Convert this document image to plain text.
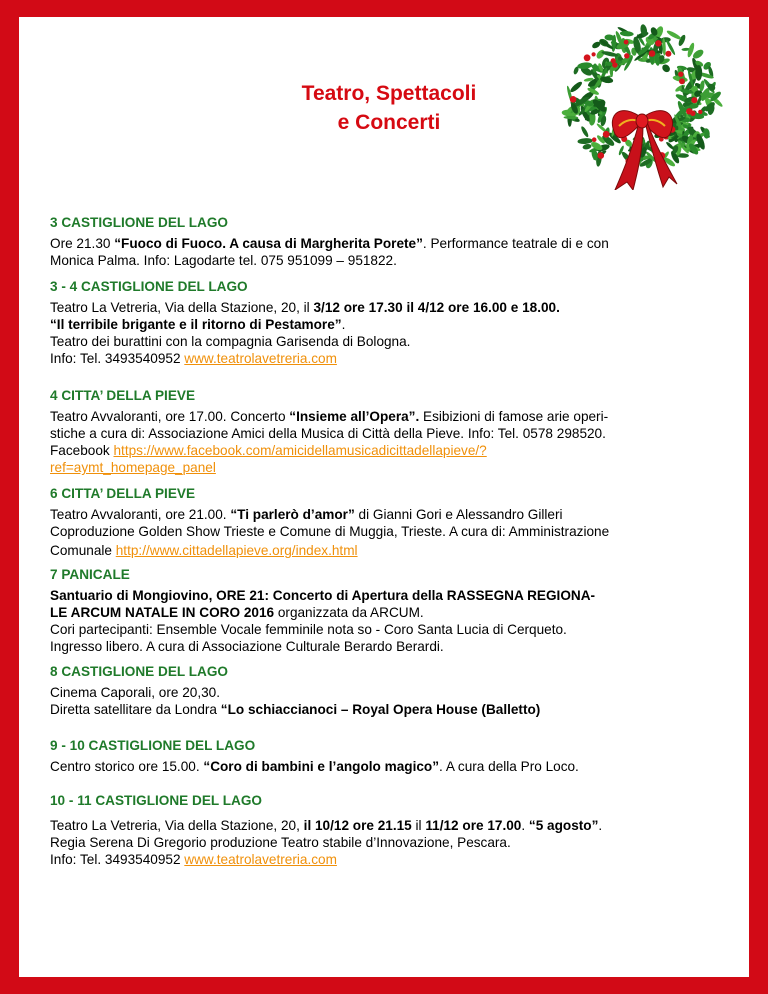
Teatro, Spettacoli
e Concerti
3 CASTIGLIONE DEL LAGO
Ore 21.30 “Fuoco di Fuoco. A causa di Margherita Porete”. Performance teatrale di e con
Monica Palma. Info: Lagodarte tel. 075 951099 – 951822.
3 - 4 CASTIGLIONE DEL LAGO
Teatro La Vetreria, Via della Stazione, 20, il 3/12 ore 17.30 il 4/12 ore 16.00 e 18.00.
“Il terribile brigante e il ritorno di Pestamore”.
Teatro dei burattini con la compagnia Garisenda di Bologna.
Info: Tel. 3493540952 www.teatrolavetreria.com
4 CITTA’ DELLA PIEVE
Teatro Avvaloranti, ore 17.00. Concerto “Insieme all’Opera”. Esibizioni di famose arie operi-
stiche a cura di: Associazione Amici della Musica di Città della Pieve. Info: Tel. 0578 298520.
Facebook https://www.facebook.com/amicidellamusicadicittadellapieve/?
ref=aymt_homepage_panel
6 CITTA’ DELLA PIEVE
Teatro Avvaloranti, ore 21.00. “Ti parlerò d’amor” di Gianni Gori e Alessandro Gilleri
Coproduzione Golden Show Trieste e Comune di Muggia, Trieste. A cura di: Amministrazione
Comunale http://www.cittadellapieve.org/index.html
7 PANICALE
Santuario di Mongiovino, ORE 21: Concerto di Apertura della RASSEGNA REGIONA-
LE ARCUM NATALE IN CORO 2016 organizzata da ARCUM.
Cori partecipanti: Ensemble Vocale femminile nota so - Coro Santa Lucia di Cerqueto.
Ingresso libero. A cura di Associazione Culturale Berardo Berardi.
8 CASTIGLIONE DEL LAGO
Cinema Caporali, ore 20,30.
Diretta satellitare da Londra “Lo schiaccianoci – Royal Opera House (Balletto)
9 - 10 CASTIGLIONE DEL LAGO
Centro storico ore 15.00. “Coro di bambini e l’angolo magico”. A cura della Pro Loco.
10 - 11 CASTIGLIONE DEL LAGO
Teatro La Vetreria, Via della Stazione, 20, il 10/12 ore 21.15 il 11/12 ore 17.00. “5 agosto”.
Regia Serena Di Gregorio produzione Teatro stabile d’Innovazione, Pescara.
Info: Tel. 3493540952 www.teatrolavetreria.com
